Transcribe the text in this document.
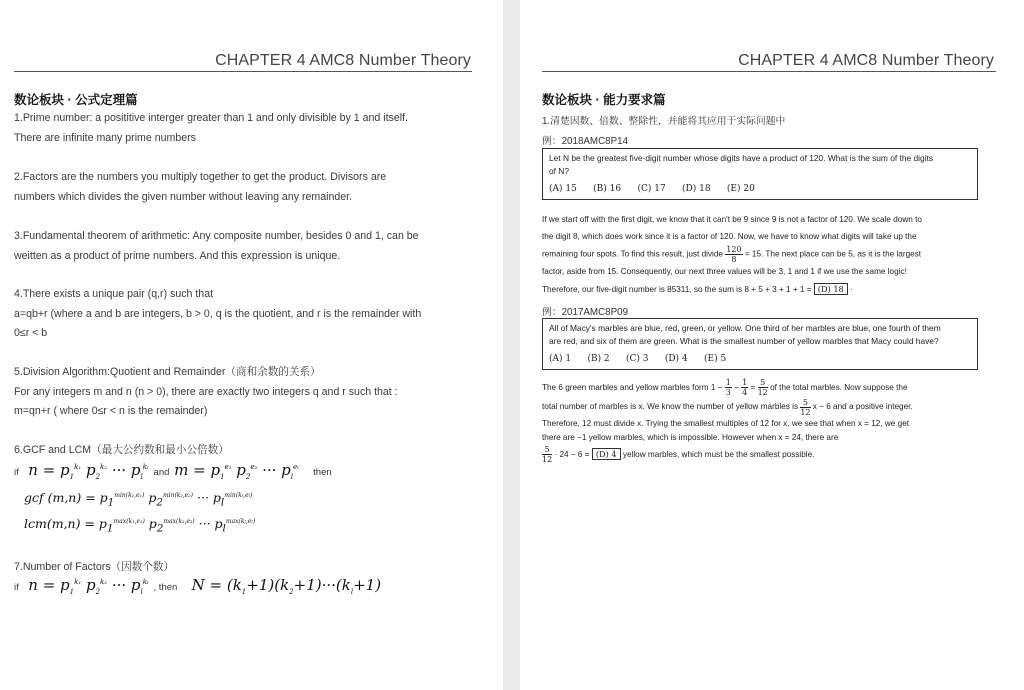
CHAPTER 4 AMC8 Number Theory
数论板块 · 公式定理篇
1.Prime number: a posititive interger greater than 1 and only divisible by 1 and itself.
There are infinite many prime numbers
2.Factors are the numbers you multiply together to get the product. Divisors are
numbers which divides the given number without leaving any remainder.
3.Fundamental theorem of arithmetic: Any composite number, besides 0 and 1, can be
weitten as a product of prime numbers. And this expression is unique.
4.There exists a unique pair (q,r) such that
a=qb+r (where a and b are integers, b > 0, q is the quotient, and r is the remainder with
0≤r < b
5.Division Algorithm:Quotient and Remainder（商和余数的关系）
For any integers m and n (n > 0), there are exactly two integers q and r such that :
m=qn+r ( where 0≤r < n is the remainder)
6.GCF and LCM（最大公约数和最小公倍数）
if  $n = p_1^{k_1}$ $p_2^{k_2}$ ··· $p_l^{k_l}$ and $m = p_1^{e_1}$ $p_2^{e_2}$ ··· $p_l^{e_l}$ then
gcf $(m,n) = p_1^{min(k_1,e_1)}$ $p_2^{min(k_2,e_2)}$ ··· $p_l^{min(k_l,e_l)}$
$lcm(m,n) = p_1^{max(k_1,e_1)}$ $p_2^{max(k_2,e_2)}$ ··· $p_l^{max(k_l,e_l)}$
7.Number of Factors（因数个数）
if  $n = p_1^{k_1}$ $p_2^{k_2}$ ··· $p_l^{k_l}$ , then   $N = (k_1+1)(k_2+1)\cdot\cdot\cdot(k_l+1)$
CHAPTER 4 AMC8 Number Theory
数论板块 · 能力要求篇
1.清楚因数、倍数、整除性，并能将其应用于实际问题中
例：2018AMC8P14
Let N be the greatest five-digit number whose digits have a product of 120. What is the sum of the digits
of N?
(A) 15 (B) 16 (C) 17 (D) 18 (E) 20
If we start off with the first digit, we know that it can't be 9 since 9 is not a factor of 120. We scale down to
the digit 8, which does work since it is a factor of 120. Now, we have to know what digits will take up the
remaining four spots. To find this result, just divide $\frac{120}{8} = 15$. The next place can be 5, as it is the largest
factor, aside from 15. Consequently, our next three values will be 3, 1 and 1 if we use the same logic!
Therefore, our five-digit number is 85311, so the sum is 8 + 5 + 3 + 1 + 1 = (D) 18 ·
例：2017AMC8P09
All of Macy's marbles are blue, red, green, or yellow. One third of her marbles are blue, one fourth of them
are red, and six of them are green. What is the smallest number of yellow marbles that Macy could have?
(A) 1 (B) 2 (C) 3 (D) 4 (E) 5
The 6 green marbles and yellow marbles form $1 - \frac{1}{3} - \frac{1}{4} = \frac{5}{12}$ of the total marbles. Now suppose the
total number of marbles is x. We know the number of yellow marbles is $\frac{5}{12}$ x − 6 and a positive integer.
Therefore, 12 must divide x. Trying the smallest multiples of 12 for x, we see that when x = 12, we get
there are −1 yellow marbles, which is impossible. However when x = 24, there are
$\frac{5}{12} \cdot 24 - 6 = (D)$ 4 yellow marbles, which must be the smallest possible.
